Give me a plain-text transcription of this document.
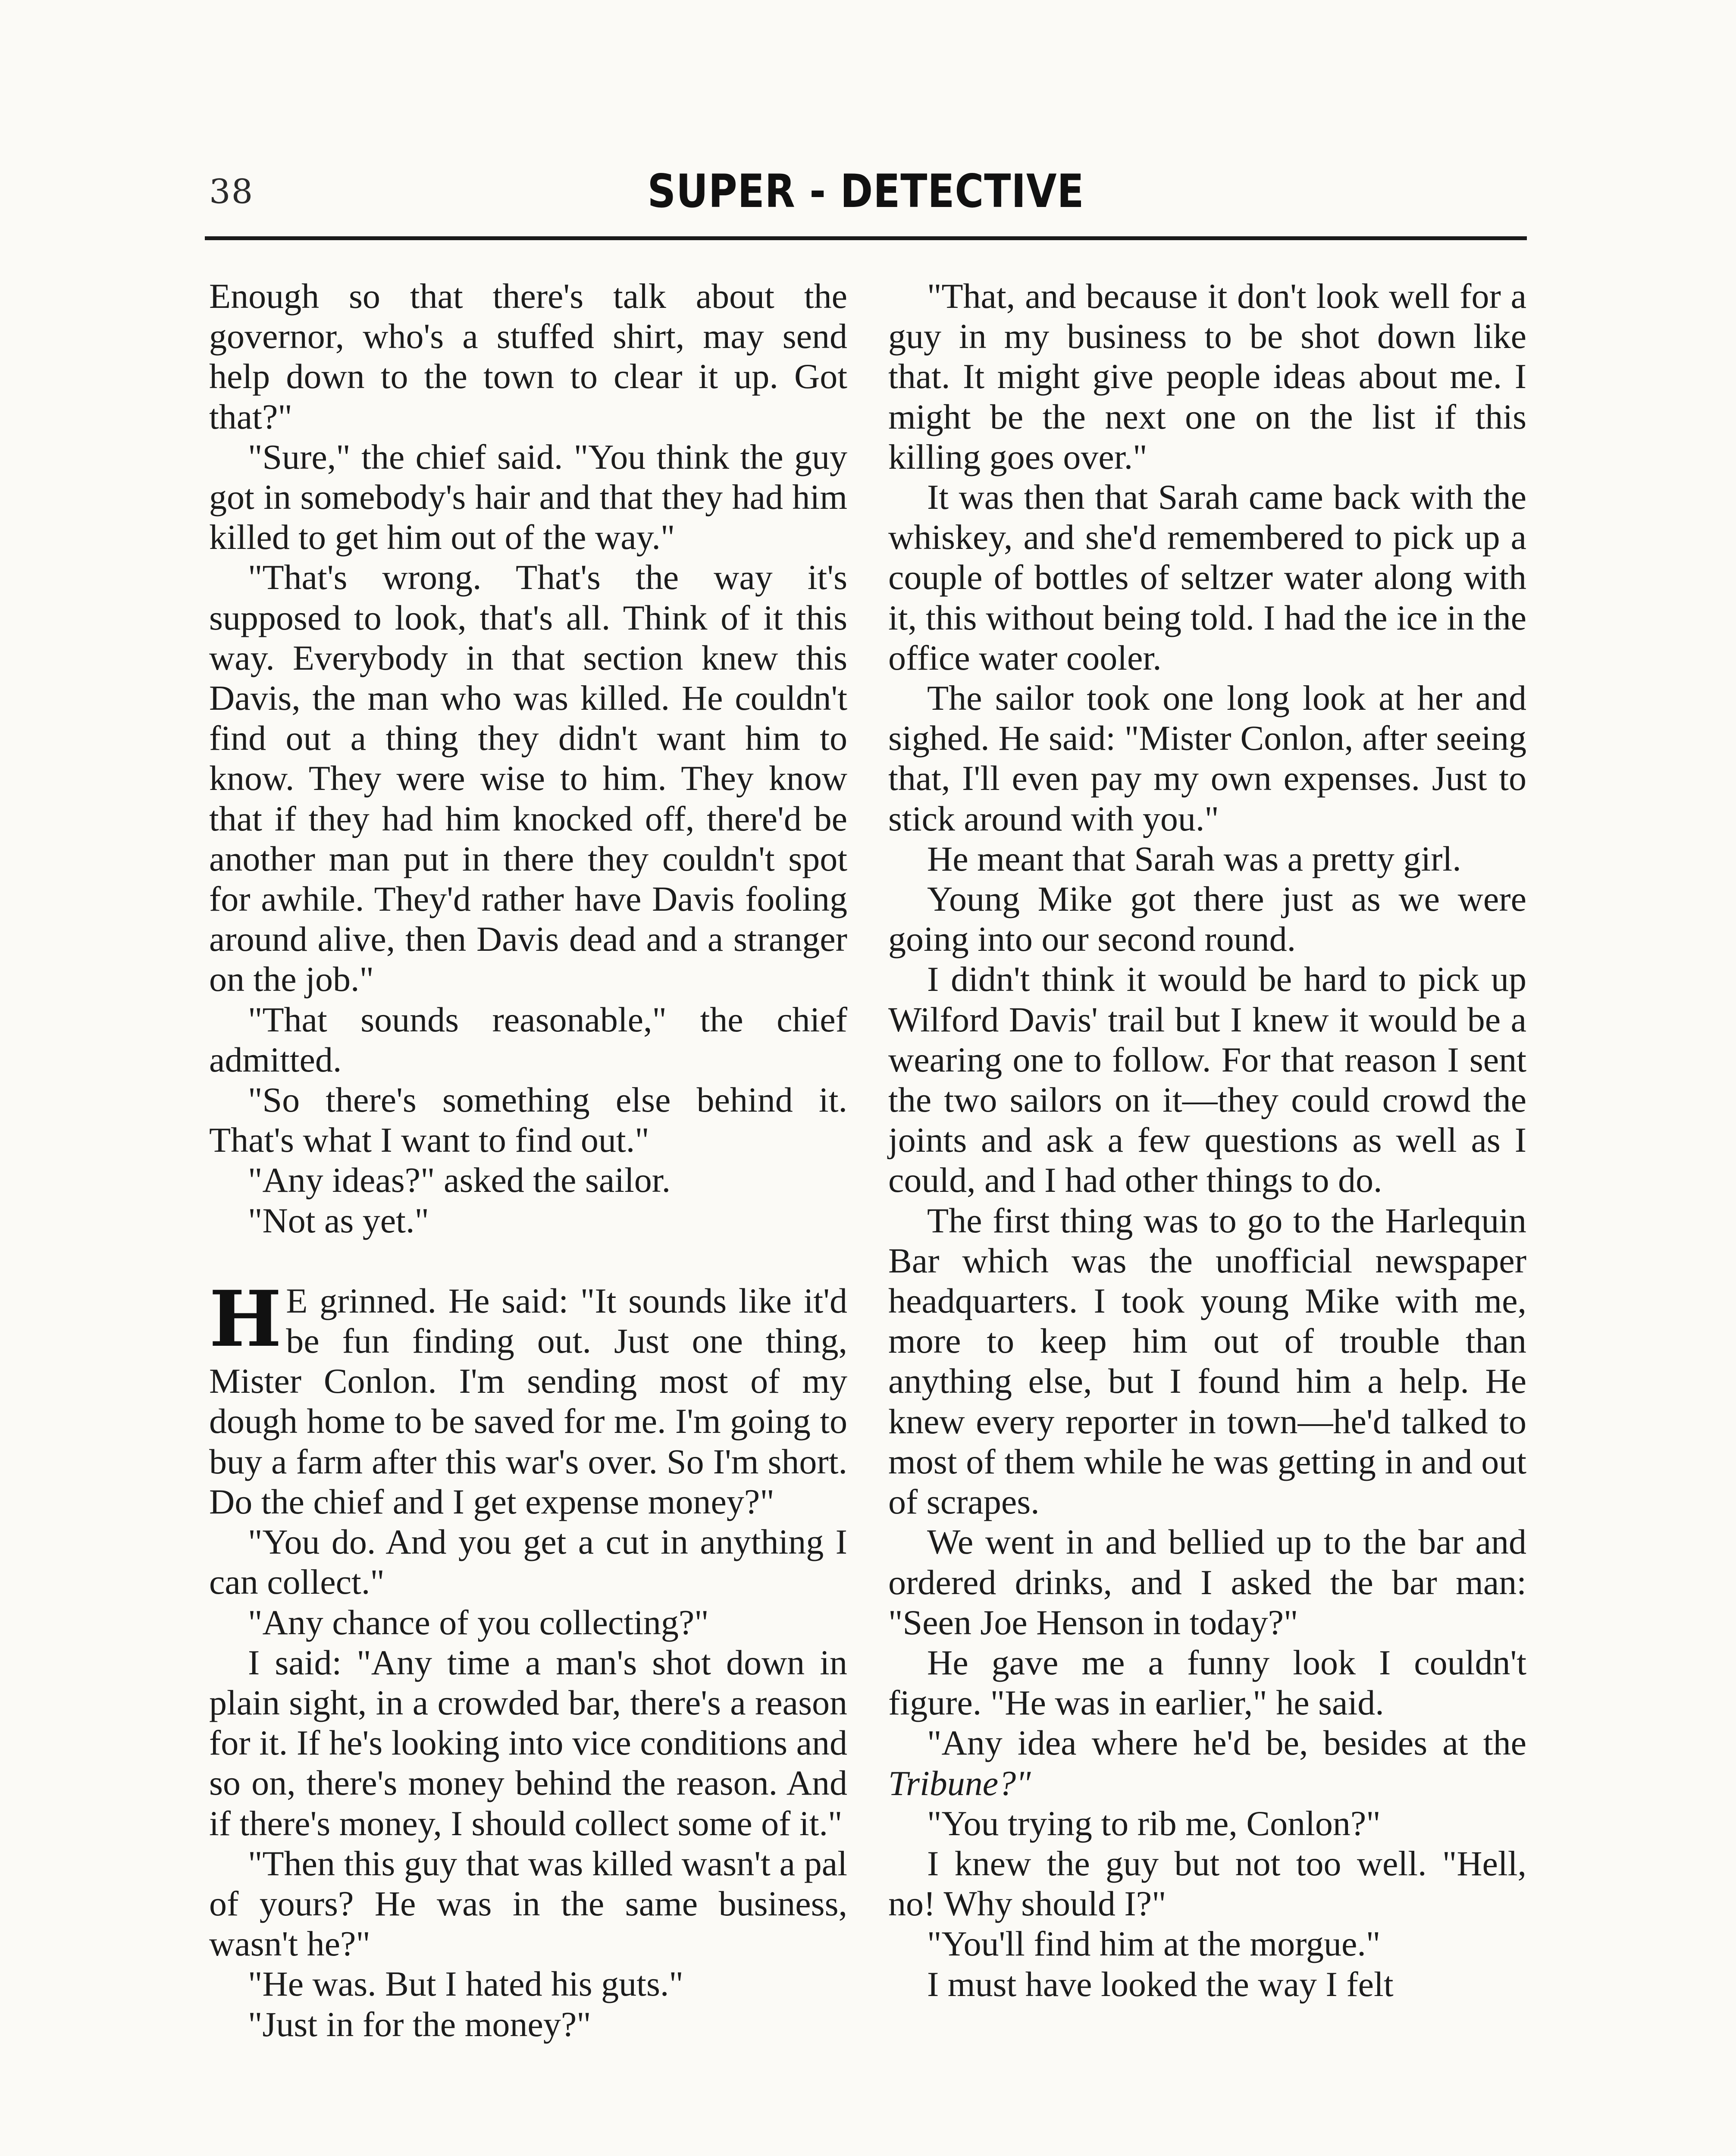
38	SUPER - DETECTIVE

Enough so that there's talk about the governor, who's a stuffed shirt, may send help down to the town to clear it up. Got that?"

"Sure," the chief said. "You think the guy got in somebody's hair and that they had him killed to get him out of the way."

"That's wrong. That's the way it's supposed to look, that's all. Think of it this way. Everybody in that section knew this Davis, the man who was killed. He couldn't find out a thing they didn't want him to know. They were wise to him. They know that if they had him knocked off, there'd be another man put in there they couldn't spot for awhile. They'd rather have Davis fooling around alive, then Davis dead and a stranger on the job."

"That sounds reasonable," the chief admitted.

"So there's something else behind it. That's what I want to find out."

"Any ideas?" asked the sailor.

"Not as yet."

H E grinned. He said: "It sounds like it'd be fun finding out. Just one thing, Mister Conlon. I'm sending most of my dough home to be saved for me. I'm going to buy a farm after this war's over. So I'm short. Do the chief and I get expense money?"

"You do. And you get a cut in anything I can collect."

"Any chance of you collecting?"

I said: "Any time a man's shot down in plain sight, in a crowded bar, there's a reason for it. If he's looking into vice conditions and so on, there's money behind the reason. And if there's money, I should collect some of it."

"Then this guy that was killed wasn't a pal of yours? He was in the same business, wasn't he?"

"He was. But I hated his guts."

"Just in for the money?"

"That, and because it don't look well for a guy in my business to be shot down like that. It might give people ideas about me. I might be the next one on the list if this killing goes over."

It was then that Sarah came back with the whiskey, and she'd remembered to pick up a couple of bottles of seltzer water along with it, this without being told. I had the ice in the office water cooler.

The sailor took one long look at her and sighed. He said: "Mister Conlon, after seeing that, I'll even pay my own expenses. Just to stick around with you."

He meant that Sarah was a pretty girl.

Young Mike got there just as we were going into our second round.

I didn't think it would be hard to pick up Wilford Davis' trail but I knew it would be a wearing one to follow. For that reason I sent the two sailors on it—they could crowd the joints and ask a few questions as well as I could, and I had other things to do.

The first thing was to go to the Harlequin Bar which was the unofficial newspaper headquarters. I took young Mike with me, more to keep him out of trouble than anything else, but I found him a help. He knew every reporter in town—he'd talked to most of them while he was getting in and out of scrapes.

We went in and bellied up to the bar and ordered drinks, and I asked the bar man: "Seen Joe Henson in today?"

He gave me a funny look I couldn't figure. "He was in earlier," he said.

"Any idea where he'd be, besides at the Tribune?"

"You trying to rib me, Conlon?"

I knew the guy but not too well. "Hell, no! Why should I?"

"You'll find him at the morgue."

I must have looked the way I felt
